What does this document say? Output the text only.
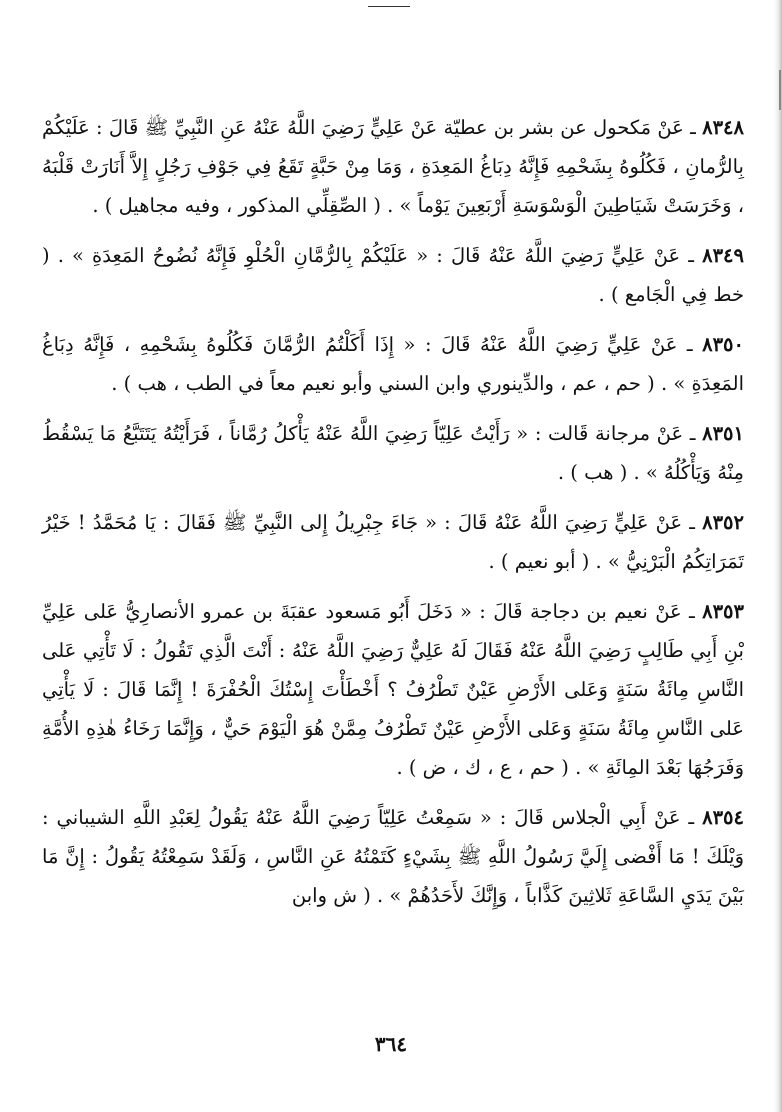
٨٣٤٨ ـ عَنْ مَكحول عن بشر بن عطيّة عَنْ عَلِيٍّ رَضِيَ اللَّهُ عَنْهُ عَنِ النَّبِيِّ ﷺ قَالَ : عَلَيْكُمْ بِالرُّمانِ ، فَكُلُوهُ بِشَحْمِهِ فَإِنَّهُ دِبَاغُ المَعِدَةِ ، وَمَا مِنْ حَبَّةٍ تَقَعُ فِي جَوْفِ رَجُلٍ إِلاَّ أَنَارَتْ قَلْبَهُ ، وَخَرَسَتْ شَيَاطِينَ الْوَسْوَسَةِ أَرْبَعِينَ يَوْماً » . ( الصِّقِلِّي المذكور ، وفيه مجاهيل ) .

٨٣٤٩ ـ عَنْ عَلِيٍّ رَضِيَ اللَّهُ عَنْهُ قَالَ : « عَلَيْكُمْ بِالرُّمَّانِ الْحُلْوِ فَإِنَّهُ نُضُوحُ المَعِدَةِ » . ( خط فِي الْجَامع ) .

٨٣٥٠ ـ عَنْ عَلِيٍّ رَضِيَ اللَّهُ عَنْهُ قَالَ : « إِذَا أَكَلْتُمُ الرُّمَّانَ فَكُلُوهُ بِشَحْمِهِ ، فَإِنَّهُ دِبَاغُ المَعِدَةِ » . ( حم ، عم ، والدِّينوري وابن السني وأبو نعيم معاً في الطب ، هب ) .

٨٣٥١ ـ عَنْ مرجانة قَالت : « رَأَيْتُ عَلِيّاً رَضِيَ اللَّهُ عَنْهُ يَأْكلُ رُمَّاناً ، فَرَأَيْتُهُ يَتَتَبَّعُ مَا يَسْقُطُ مِنْهُ وَيَأْكُلُهُ » . ( هب ) .

٨٣٥٢ ـ عَنْ عَلِيٍّ رَضِيَ اللَّهُ عَنْهُ قَالَ : « جَاءَ جِبْرِيلُ إِلى النَّبِيِّ ﷺ فَقَالَ : يَا مُحَمَّدُ ! خَيْرُ تَمَرَاتِكُمُ الْبَرْنِيُّ » . ( أبو نعيم ) .

٨٣٥٣ ـ عَنْ نعيم بن دجاجة قَالَ : « دَخَلَ أَبُو مَسعود عقبَةَ بن عمرو الأنصارِيُّ عَلى عَلِيِّ بْنِ أَبِي طَالِبٍ رَضِيَ اللَّهُ عَنْهُ فَقَالَ لَهُ عَلِيٌّ رَضِيَ اللَّهُ عَنْهُ : أَنْتَ الَّذِي تَقُولُ : لَا تَأْتِي عَلى النَّاسِ مِائَةُ سَنَةٍ وَعَلى الأَرْضِ عَيْنٌ تَطْرُفُ ؟ أَخْطَأْتَ إِسْتُكَ الْحُفْرَةَ ! إِنَّمَا قَالَ : لَا يَأْتِي عَلى النَّاسِ مِائَةُ سَنَةٍ وَعَلى الأَرْضِ عَيْنٌ تَطْرُفُ مِمَّنْ هُوَ الْيَوْمَ حَيٌّ ، وَإِنَّمَا رَخَاءُ هٰذِهِ الأُمَّةِ وَفَرَجُهَا بَعْدَ المِائَةِ » . ( حم ، ع ، ك ، ض ) .

٨٣٥٤ ـ عَنْ أَبِي الْجلاس قَالَ : « سَمِعْتُ عَلِيّاً رَضِيَ اللَّهُ عَنْهُ يَقُولُ لِعَبْدِ اللَّهِ الشيباني : وَيْلَكَ ! مَا أَفْضى إِلَيَّ رَسُولُ اللَّهِ ﷺ بِشَيْءٍ كَتَمْتُهُ عَنِ النَّاسِ ، وَلَقَدْ سَمِعْتُهُ يَقُولُ : إِنَّ مَا بَيْنَ يَدَيِ السَّاعَةِ ثَلاثِينَ كَذَّاباً ، وَإِنَّكَ لأَحَدُهُمْ » . ( ش وابن

٣٦٤
